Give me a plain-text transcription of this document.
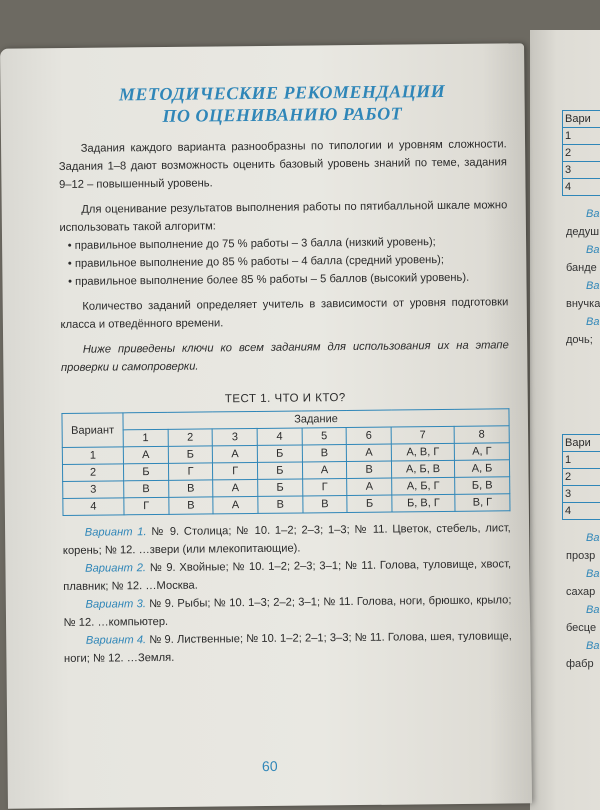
Вари
1
2
3
4
Ва
дедуш
Ва
банде
Ва
внучка
Ва
дочь;
Вари
1
2
3
4
Ва
прозр
Ва
сахар
Ва
бесце
Ва
фабр
МЕТОДИЧЕСКИЕ РЕКОМЕНДАЦИИ
ПО ОЦЕНИВАНИЮ РАБОТ

Задания каждого варианта разнообразны по типологии и уровням сложности. Задания 1–8 дают возможность оценить базовый уровень знаний по теме, задания 9–12 – повышенный уровень.

Для оценивание результатов выполнения работы по пятибалльной шкале можно использовать такой алгоритм:

• правильное выполнение до 75 % работы – 3 балла (низкий уровень);
• правильное выполнение до 85 % работы – 4 балла (средний уровень);
• правильное выполнение более 85 % работы – 5 баллов (высокий уровень).

Количество заданий определяет учитель в зависимости от уровня подготовки класса и отведённого времени.

Ниже приведены ключи ко всем заданиям для использования их на этапе проверки и самопроверки.

ТЕСТ 1. ЧТО И КТО?
Вариант	Задание							
	1	2	3	4	5	6	7	8
1	А	Б	А	Б	В	А	А, В, Г	А, Г
2	Б	Г	Г	Б	А	В	А, Б, В	А, Б
3	В	В	А	Б	Г	А	А, Б, Г	Б, В
4	Г	В	А	В	В	Б	Б, В, Г	В, Г

Вариант 1. № 9. Столица; № 10. 1–2; 2–3; 1–3; № 11. Цветок, стебель, лист, корень; № 12. …звери (или млекопитающие).

Вариант 2. № 9. Хвойные; № 10. 1–2; 2–3; 3–1; № 11. Голова, туловище, хвост, плавник; № 12. …Москва.

Вариант 3. № 9. Рыбы; № 10. 1–3; 2–2; 3–1; № 11. Голова, ноги, брюшко, крыло; № 12. …компьютер.

Вариант 4. № 9. Лиственные; № 10. 1–2; 2–1; 3–3; № 11. Голова, шея, туловище, ноги; № 12. …Земля.

60
